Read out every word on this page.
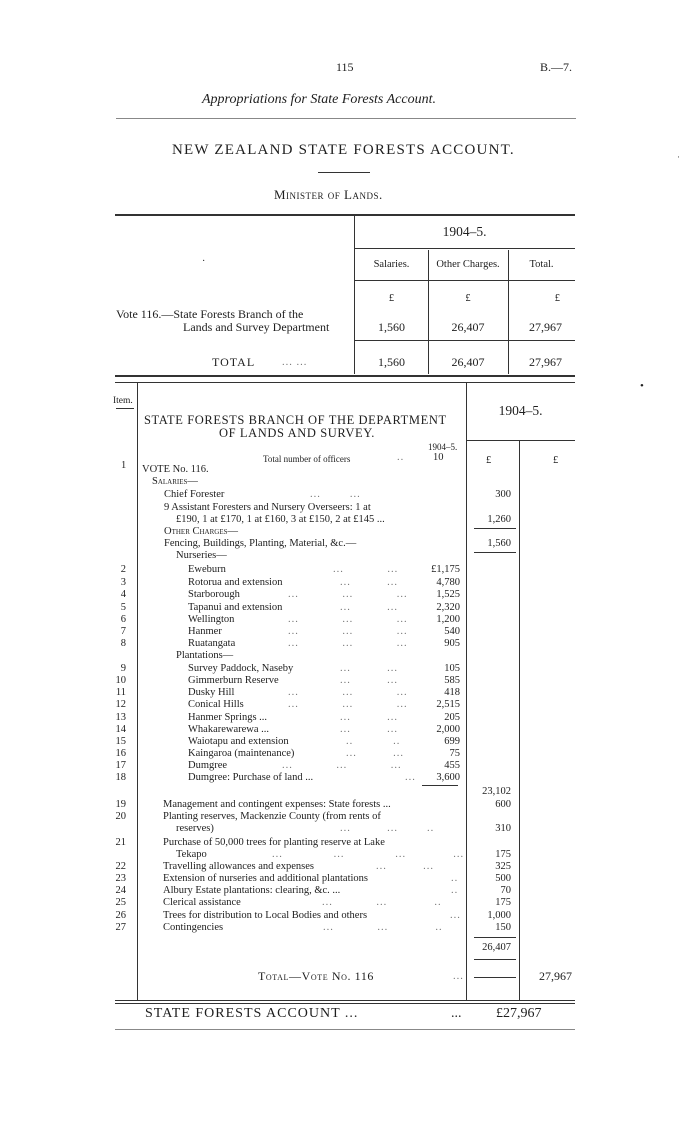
115	B.—7.
Appropriations for State Forests Account.
NEW ZEALAND STATE FORESTS ACCOUNT.
Minister of Lands.
1904–5.
·	Salaries.	Other Charges.	Total.
£	£	£
Vote 116.—State Forests Branch of the
Lands and Survey Department	1,560	26,407	27,967
TOTAL	... ...	1,560	26,407	27,967
Item.
1904–5.
STATE FORESTS BRANCH OF THE DEPARTMENT
OF LANDS AND SURVEY.
1904–5.
Total number of officers	..	10	£	£
1 VOTE No. 116.
Salaries—
Chief Forester	...        ...	300
9 Assistant Foresters and Nursery Overseers: 1 at
£190, 1 at £170, 1 at £160, 3 at £150, 2 at £145 ...	1,260
Other Charges—
Fencing, Buildings, Planting, Material, &c.—	1,560
Nurseries—
2	Eweburn	...            ...	£1,175
3	Rotorua and extension	...          ...	4,780
4	Starborough	...            ...            ...	1,525
5	Tapanui and extension	...          ...	2,320
6	Wellington	...            ...            ...	1,200
7	Hanmer	...            ...            ...	540
8	Ruatangata	...            ...            ...	905
Plantations—
9	Survey Paddock, Naseby	...          ...	105
10	Gimmerburn Reserve	...          ...	585
11	Dusky Hill	...            ...            ...	418
12	Conical Hills	...            ...            ...	2,515
13	Hanmer Springs ...	...          ...	205
14	Whakarewarewa ...	...          ...	2,000
15	Waiotapu and extension	..           ..	699
16	Kaingaroa (maintenance)	...          ...	75
17	Dumgree	...            ...            ...	455
18	Dumgree: Purchase of land ...	...	3,600
23,102
19	Management and contingent expenses: State forests ...	600
20	Planting reserves, Mackenzie County (from rents of
reserves)	...          ...        ..	310
21	Purchase of 50,000 trees for planting reserve at Lake
Tekapo	...              ...              ...             ...	175
22	Travelling allowances and expenses	...          ...	325
23	Extension of nurseries and additional plantations	..	500
24	Albury Estate plantations: clearing, &c. ...	..	70
25	Clerical assistance	...            ...             ..	175
26	Trees for distribution to Local Bodies and others	...	1,000
27	Contingencies	...            ...             ..	150
26,407
Total—Vote No. 116	...	27,967
STATE FORESTS ACCOUNT ...	... £27,967
·
•
